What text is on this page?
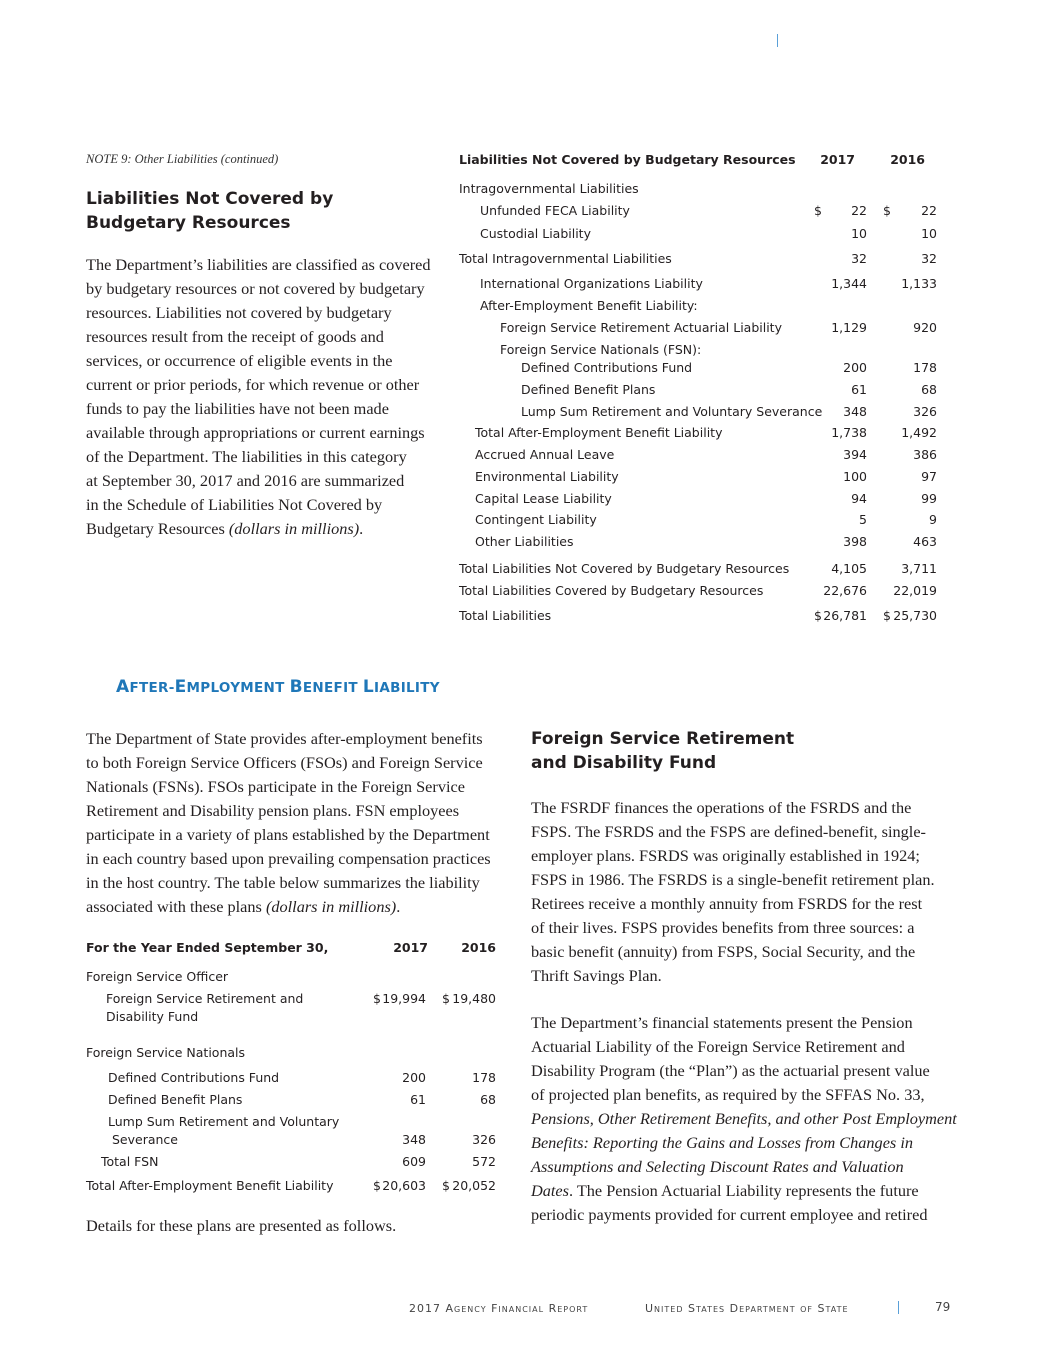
NOTE 9: Other Liabilities (continued)
Liabilities Not Covered by
Budgetary Resources
The Department’s liabilities are classified as covered
by budgetary resources or not covered by budgetary
resources. Liabilities not covered by budgetary
resources result from the receipt of goods and
services, or occurrence of eligible events in the
current or prior periods, for which revenue or other
funds to pay the liabilities have not been made
available through appropriations or current earnings
of the Department. The liabilities in this category
at September 30, 2017 and 2016 are summarized
in the Schedule of Liabilities Not Covered by
Budgetary Resources (dollars in millions).
Liabilities Not Covered by Budgetary Resources	2017	2016
Intragovernmental Liabilities
Unfunded FECA Liability	$	22 $	22
Custodial Liability	10	10
Total Intragovernmental Liabilities	32	32
International Organizations Liability	1,344	1,133
After-Employment Benefit Liability:
Foreign Service Retirement Actuarial Liability	1,129	920
Foreign Service Nationals (FSN):
Defined Contributions Fund	200	178
Defined Benefit Plans	61	68
Lump Sum Retirement and Voluntary Severance	348	326
Total After-Employment Benefit Liability	1,738	1,492
Accrued Annual Leave	394	386
Environmental Liability	100	97
Capital Lease Liability	94	99
Contingent Liability	5	9
Other Liabilities	398	463
Total Liabilities Not Covered by Budgetary Resources	4,105	3,711
Total Liabilities Covered by Budgetary Resources	22,676	22,019
Total Liabilities	$ 26,781 $ 25,730
AFTER-EMPLOYMENT BENEFIT LIABILITY
The Department of State provides after-employment benefits
to both Foreign Service Officers (FSOs) and Foreign Service
Nationals (FSNs). FSOs participate in the Foreign Service
Retirement and Disability pension plans. FSN employees
participate in a variety of plans established by the Department
in each country based upon prevailing compensation practices
in the host country. The table below summarizes the liability
associated with these plans (dollars in millions).
For the Year Ended September 30,	2017	2016
Foreign Service Officer
Foreign Service Retirement and
Disability Fund
$ 19,994 $ 19,480
Foreign Service Nationals
Defined Contributions Fund	200	178
Defined Benefit Plans	61	68
Lump Sum Retirement and Voluntary
Severance	348	326
Total FSN	609	572
Total After-Employment Benefit Liability	$ 20,603 $ 20,052
Details for these plans are presented as follows.
Foreign Service Retirement
and Disability Fund
The FSRDF finances the operations of the FSRDS and the
FSPS. The FSRDS and the FSPS are defined-benefit, single-
employer plans. FSRDS was originally established in 1924;
FSPS in 1986. The FSRDS is a single-benefit retirement plan.
Retirees receive a monthly annuity from FSRDS for the rest
of their lives. FSPS provides benefits from three sources: a
basic benefit (annuity) from FSPS, Social Security, and the
Thrift Savings Plan.
The Department’s financial statements present the Pension
Actuarial Liability of the Foreign Service Retirement and
Disability Program (the “Plan”) as the actuarial present value
of projected plan benefits, as required by the SFFAS No. 33,
Pensions, Other Retirement Benefits, and other Post Employment
Benefits: Reporting the Gains and Losses from Changes in
Assumptions and Selecting Discount Rates and Valuation
Dates. The Pension Actuarial Liability represents the future
periodic payments provided for current employee and retired
2017 Agency Financial Report	United States Department of State	79
